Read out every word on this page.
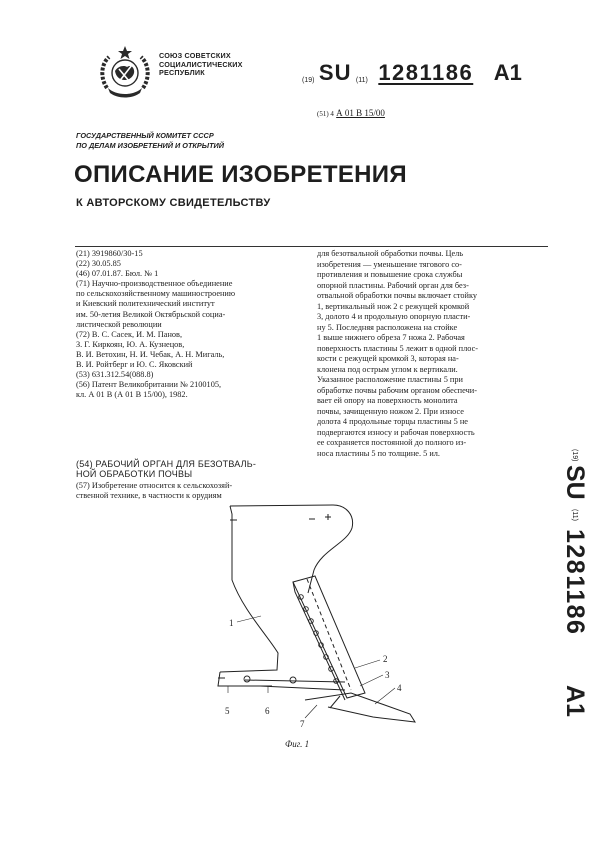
СОЮЗ СОВЕТСКИХ
СОЦИАЛИСТИЧЕСКИХ
РЕСПУБЛИК
(19) SU (11) 1281186 A1
(51) 4 А 01 В 15/00
ГОСУДАРСТВЕННЫЙ КОМИТЕТ СССР
ПО ДЕЛАМ ИЗОБРЕТЕНИЙ И ОТКРЫТИЙ
ОПИСАНИЕ ИЗОБРЕТЕНИЯ
К АВТОРСКОМУ СВИДЕТЕЛЬСТВУ
(21) 3919860/30-15
(22) 30.05.85
(46) 07.01.87. Бюл. № 1
(71) Научно-производственное объединение
по сельскохозяйственному машиностроению
и Киевский политехнический институт
им. 50-летия Великой Октябрьской социа-
листической революции
(72) В. С. Сасек, И. М. Панов,
З. Г. Киркоян, Ю. А. Кузнецов,
В. И. Ветохин, Н. И. Чебак, А. Н. Мигаль,
В. И. Ройтберг и Ю. С. Яковский
(53) 631.312.54(088.8)
(56) Патент Великобритании № 2100105,
кл. А 01 В (А 01 В 15/00), 1982.
(54) РАБОЧИЙ ОРГАН ДЛЯ БЕЗОТВАЛЬ-
НОЙ ОБРАБОТКИ ПОЧВЫ
(57) Изобретение относится к сельскохозяй-
ственной технике, в частности к орудиям
для безотвальной обработки почвы. Цель
изобретения — уменьшение тягового со-
противления и повышение срока службы
опорной пластины. Рабочий орган для без-
отвальной обработки почвы включает стойку
1, вертикальный нож 2 с режущей кромкой
3, долото 4 и продольную опорную пласти-
ну 5. Последняя расположена на стойке
1 выше нижнего обреза 7 ножа 2. Рабочая
поверхность пластины 5 лежит в одной плос-
кости с режущей кромкой 3, которая на-
клонена под острым углом к вертикали.
Указанное расположение пластины 5 при
обработке почвы рабочим органом обеспечи-
вает ей опору на поверхность монолита
почвы, зачищенную ножом 2. При износе
долота 4 продольные торцы пластины 5 не
подвергаются износу и рабочая поверхность
ее сохраняется постоянной до полного из-
носа пластины 5 по толщине. 5 ил.	(19)
SU
(11)
1281186
A1
1
2
3
4
5	6
7
Фиг. 1
